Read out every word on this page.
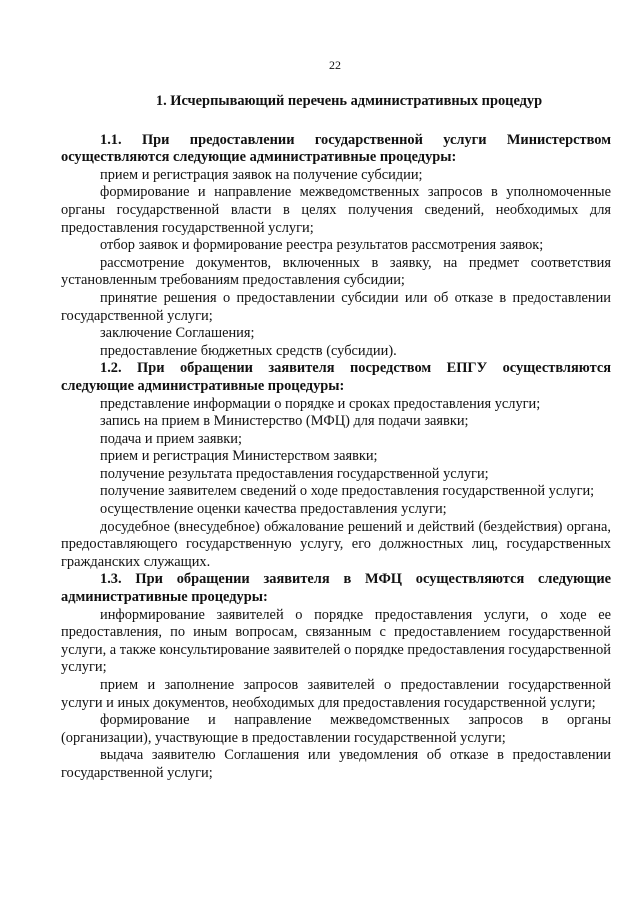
22

1. Исчерпывающий перечень административных процедур

1.1. При предоставлении государственной услуги Министерством осуществляются следующие административные процедуры:

прием и регистрация заявок на получение субсидии;

формирование и направление межведомственных запросов в уполномоченные органы государственной власти в целях получения сведений, необходимых для предоставления государственной услуги;

отбор заявок и формирование реестра результатов рассмотрения заявок;

рассмотрение документов, включенных в заявку, на предмет соответствия установленным требованиям предоставления субсидии;

принятие решения о предоставлении субсидии или об отказе в предоставлении государственной услуги;

заключение Соглашения;

предоставление бюджетных средств (субсидии).

1.2. При обращении заявителя посредством ЕПГУ осуществляются следующие административные процедуры:

представление информации о порядке и сроках предоставления услуги;

запись на прием в Министерство (МФЦ) для подачи заявки;

подача и прием заявки;

прием и регистрация Министерством заявки;

получение результата предоставления государственной услуги;

получение заявителем сведений о ходе предоставления государственной услуги;

осуществление оценки качества предоставления услуги;

досудебное (внесудебное) обжалование решений и действий (бездействия) органа, предоставляющего государственную услугу, его должностных лиц, государственных гражданских служащих.

1.3. При обращении заявителя в МФЦ осуществляются следующие административные процедуры:

информирование заявителей о порядке предоставления услуги, о ходе ее предоставления, по иным вопросам, связанным с предоставлением государственной услуги, а также консультирование заявителей о порядке предоставления государственной услуги;

прием и заполнение запросов заявителей о предоставлении государственной услуги и иных документов, необходимых для предоставления государственной услуги;

формирование и направление межведомственных запросов в органы (организации), участвующие в предоставлении государственной услуги;

выдача заявителю Соглашения или уведомления об отказе в предоставлении государственной услуги;
